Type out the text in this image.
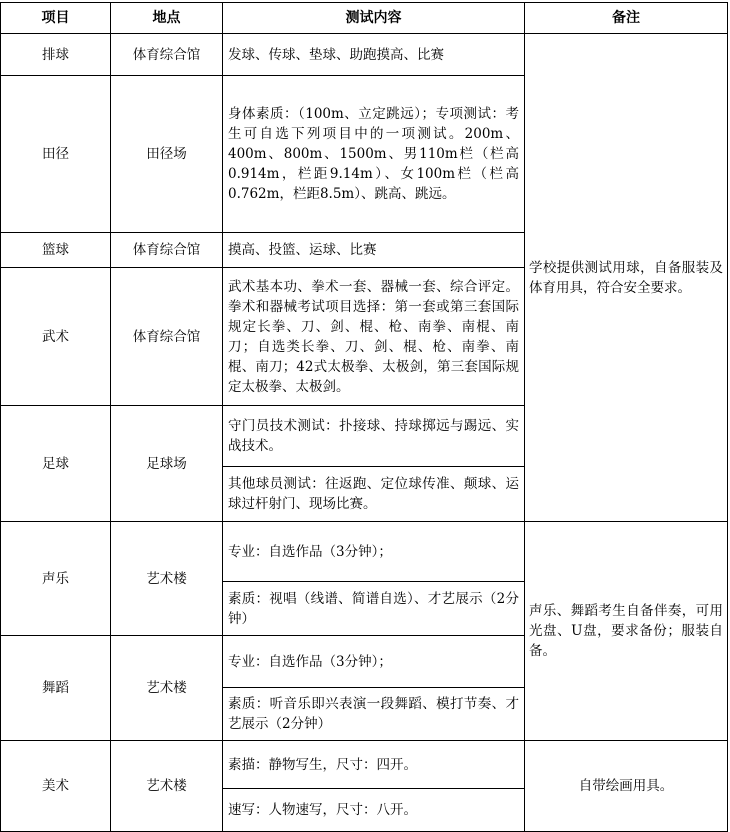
项目	地点	测试内容	备注
排球	体育综合馆	发球、传球、垫球、助跑摸高、比赛	学校提供测试用球，自备服装及体育用具，符合安全要求。
田径	田径场	身体素质：（100m、立定跳远）；专项测试：考生可自选下列项目中的一项测试。200m、400m、800m、1500m、男110m栏（栏高0.914m，栏距9.14m）、女100m栏（栏高0.762m，栏距8.5m）、跳高、跳远。	
篮球	体育综合馆	摸高、投篮、运球、比赛	
武术	体育综合馆	武术基本功、拳术一套、器械一套、综合评定。拳术和器械考试项目选择：第一套或第三套国际规定长拳、刀、剑、棍、枪、南拳、南棍、南刀；自选类长拳、刀、剑、棍、枪、南拳、南棍、南刀；42式太极拳、太极剑，第三套国际规定太极拳、太极剑。	
足球	足球场	守门员技术测试：扑接球、持球掷远与踢远、实战技术。	
		其他球员测试：往返跑、定位球传准、颠球、运球过杆射门、现场比赛。	
声乐	艺术楼	专业：自选作品（3分钟）；	声乐、舞蹈考生自备伴奏，可用光盘、U盘，要求备份；服装自备。
		素质：视唱（线谱、简谱自选）、才艺展示（2分钟）	
舞蹈	艺术楼	专业：自选作品（3分钟）；	
		素质：听音乐即兴表演一段舞蹈、模打节奏、才艺展示（2分钟）	
美术	艺术楼	素描：静物写生，尺寸：四开。	自带绘画用具。
		速写：人物速写，尺寸：八开。	
